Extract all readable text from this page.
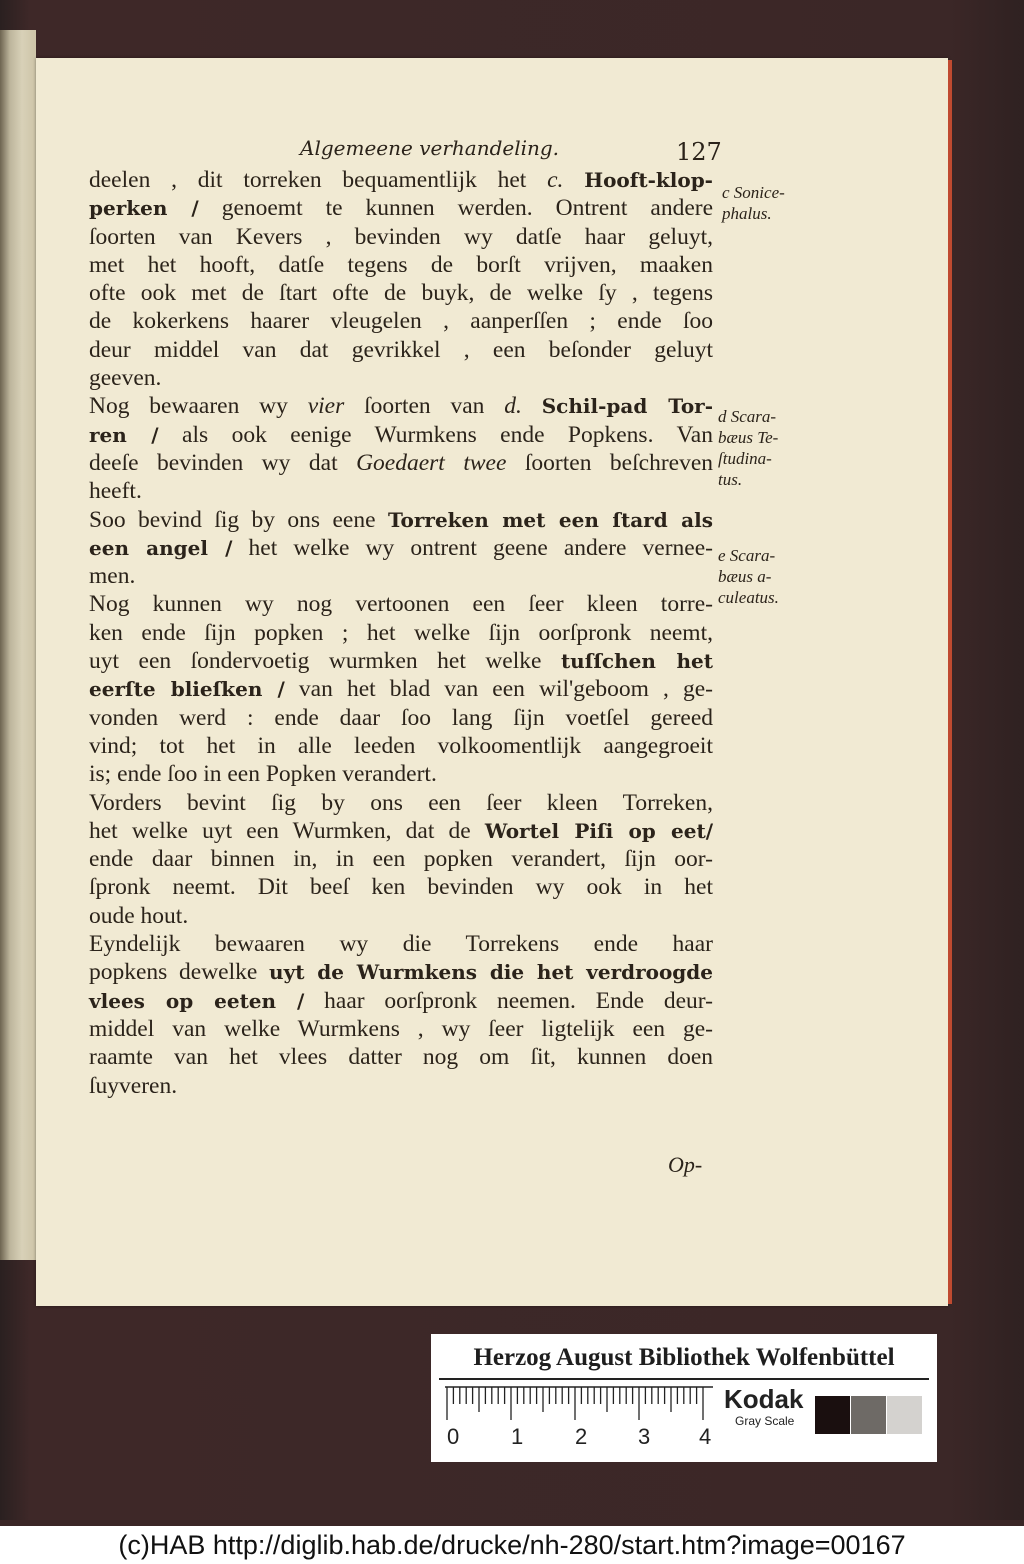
Algemeene verhandeling.	127
deelen , dit torreken bequamentlijk het c. Hooft-klop-
perken / genoemt te kunnen werden. Ontrent andere
ſoorten van Kevers , bevinden wy datſe haar geluyt,
met het hooft, datſe tegens de borſt vrijven, maaken
ofte ook met de ſtart ofte de buyk, de welke ſy , tegens
de kokerkens haarer vleugelen , aanperſſen ; ende ſoo
deur middel van dat gevrikkel , een beſonder geluyt
geeven.
Nog bewaaren wy vier ſoorten van d. Schil-pad Tor-
ren / als ook eenige Wurmkens ende Popkens. Van
deeſe bevinden wy dat Goedaert twee ſoorten beſchreven
heeft.
Soo bevind ſig by ons eene Torreken met een ſtard als
een angel / het welke wy ontrent geene andere vernee-
men.
Nog kunnen wy nog vertoonen een ſeer kleen torre-
ken ende ſijn popken ; het welke ſijn oorſpronk neemt,
uyt een ſondervoetig wurmken het welke tuſſchen het
eerſte blieſken / van het blad van een wil'geboom , ge-
vonden werd : ende daar ſoo lang ſijn voetſel gereed
vind; tot het in alle leeden volkoomentlijk aangegroeit
is; ende ſoo in een Popken verandert.
Vorders bevint ſig by ons een ſeer kleen Torreken,
het welke uyt een Wurmken, dat de Wortel Piſi op eet/
ende daar binnen in, in een popken verandert, ſijn oor-
ſpronk neemt. Dit beeſ ken bevinden wy ook in het
oude hout.
Eyndelijk bewaaren wy die Torrekens ende haar
popkens dewelke uyt de Wurmkens die het verdroogde
vlees op eeten / haar oorſpronk neemen. Ende deur-
middel van welke Wurmkens , wy ſeer ligtelijk een ge-
raamte van het vlees datter nog om ſit, kunnen doen
ſuyveren.
c Sonice-
phalus.
d Scara-
bæus Te-
ſtudina-
tus.
e Scara-
bæus a-
culeatus.
Op-
Herzog August Bibliothek Wolfenbüttel
0 1 2 3 4
Kodak
Gray Scale
(c)HAB http://diglib.hab.de/drucke/nh-280/start.htm?image=00167
